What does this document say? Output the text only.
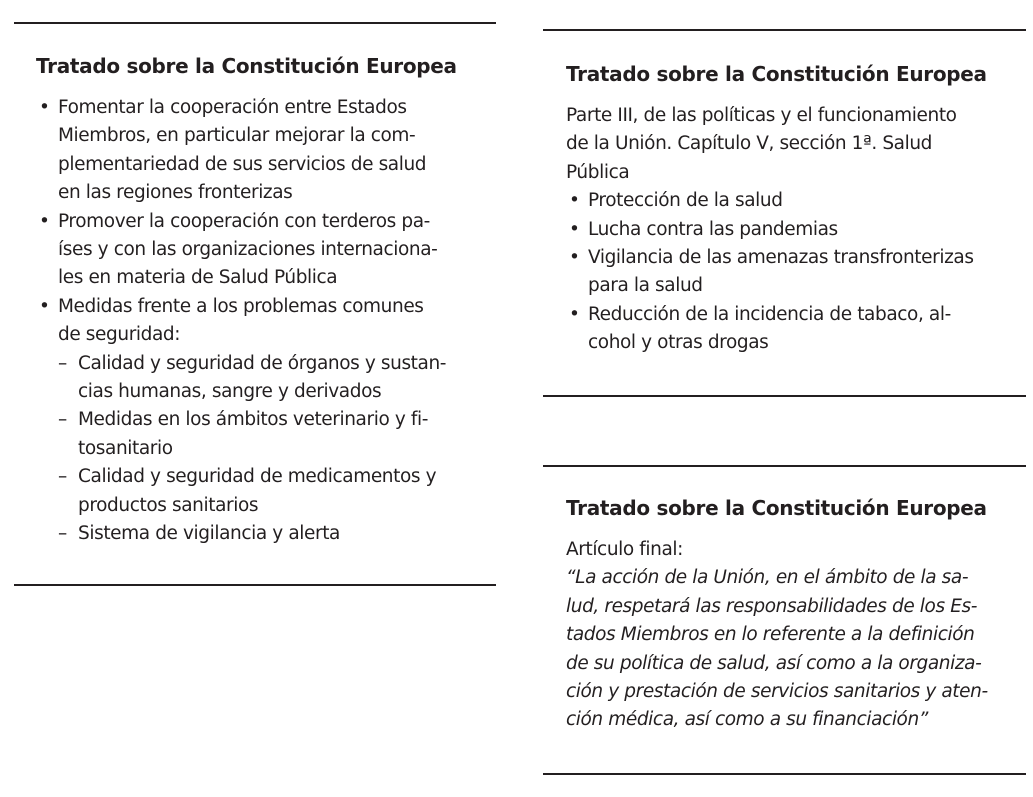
Tratado sobre la Constitución Europea
• Fomentar la cooperación entre Estados
Miembros, en particular mejorar la com-
plementariedad de sus servicios de salud
en las regiones fronterizas
• Promover la cooperación con terderos pa-
íses y con las organizaciones internaciona-
les en materia de Salud Pública
• Medidas frente a los problemas comunes
de seguridad:
– Calidad y seguridad de órganos y sustan-
cias humanas, sangre y derivados
– Medidas en los ámbitos veterinario y fi-
tosanitario
– Calidad y seguridad de medicamentos y
productos sanitarios
– Sistema de vigilancia y alerta
Tratado sobre la Constitución Europea
Parte III, de las políticas y el funcionamiento
de la Unión. Capítulo V, sección 1ª. Salud
Pública
• Protección de la salud
• Lucha contra las pandemias
• Vigilancia de las amenazas transfronterizas
para la salud
• Reducción de la incidencia de tabaco, al-
cohol y otras drogas
Tratado sobre la Constitución Europea
Artículo final:
“La acción de la Unión, en el ámbito de la sa-
lud, respetará las responsabilidades de los Es-
tados Miembros en lo referente a la definición
de su política de salud, así como a la organiza-
ción y prestación de servicios sanitarios y aten-
ción médica, así como a su financiación”
